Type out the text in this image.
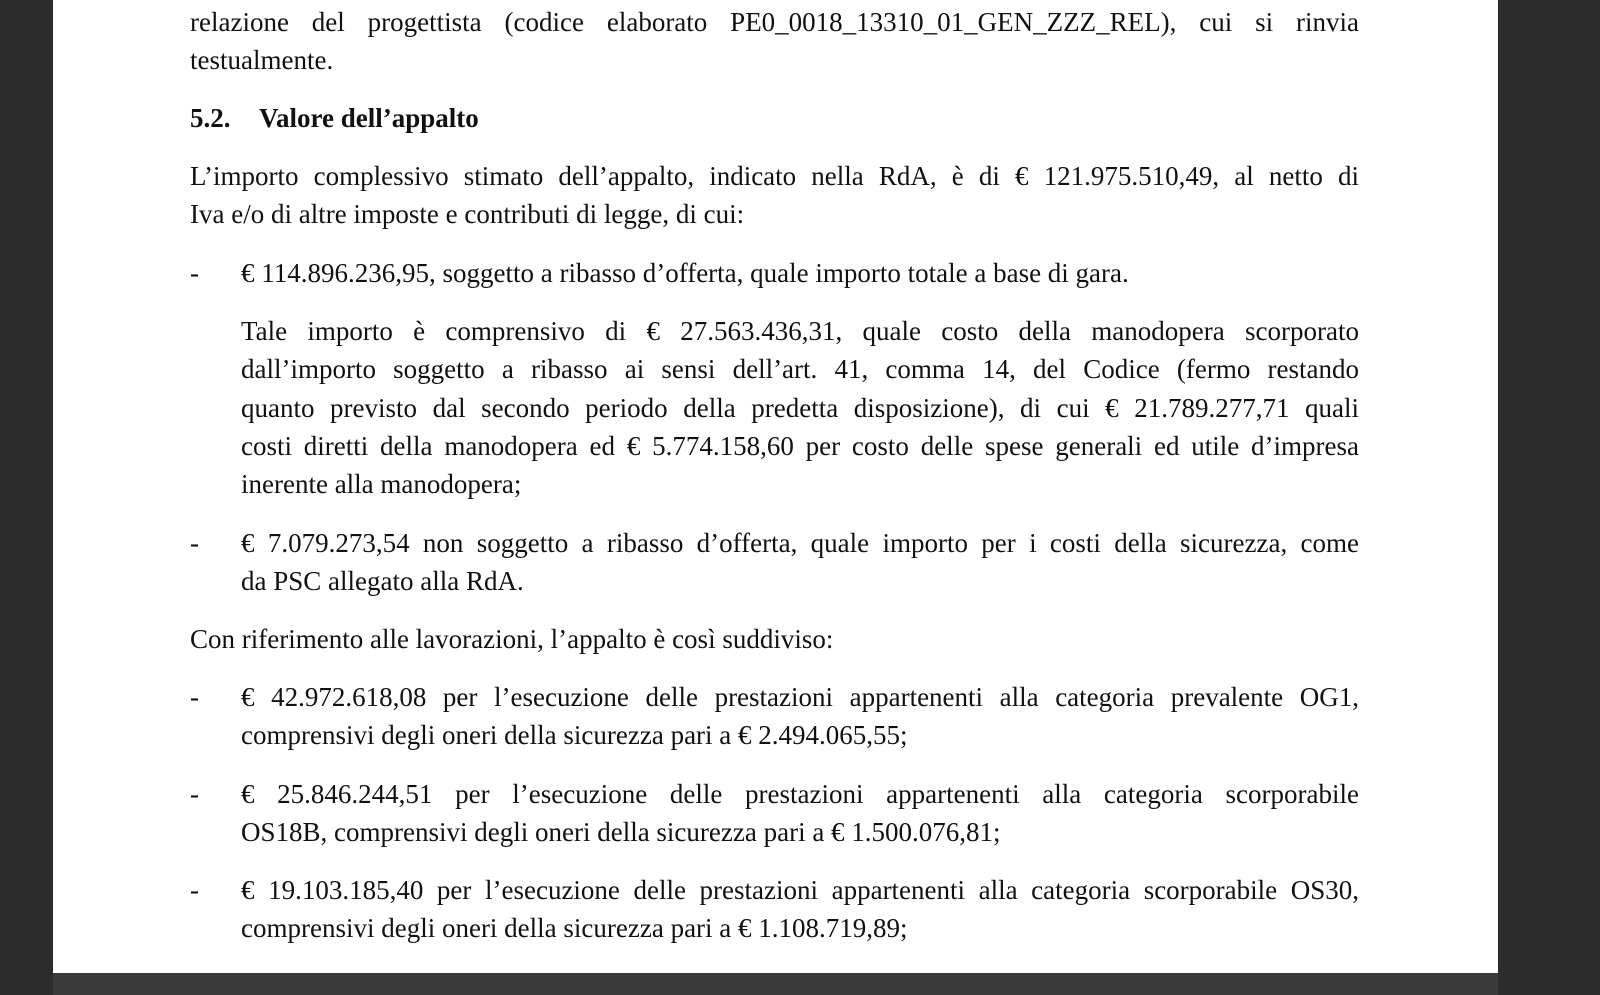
relazione del progettista (codice elaborato PE0_0018_13310_01_GEN_ZZZ_REL), cui si rinvia
testualmente.
5.2. Valore dell’appalto
L’importo complessivo stimato dell’appalto, indicato nella RdA, è di € 121.975.510,49, al netto di
Iva e/o di altre imposte e contributi di legge, di cui:
- € 114.896.236,95, soggetto a ribasso d’offerta, quale importo totale a base di gara.
Tale importo è comprensivo di € 27.563.436,31, quale costo della manodopera scorporato
dall’importo soggetto a ribasso ai sensi dell’art. 41, comma 14, del Codice (fermo restando
quanto previsto dal secondo periodo della predetta disposizione), di cui € 21.789.277,71 quali
costi diretti della manodopera ed € 5.774.158,60 per costo delle spese generali ed utile d’impresa
inerente alla manodopera;
- € 7.079.273,54 non soggetto a ribasso d’offerta, quale importo per i costi della sicurezza, come
da PSC allegato alla RdA.
Con riferimento alle lavorazioni, l’appalto è così suddiviso:
- € 42.972.618,08 per l’esecuzione delle prestazioni appartenenti alla categoria prevalente OG1,
comprensivi degli oneri della sicurezza pari a € 2.494.065,55;
- € 25.846.244,51 per l’esecuzione delle prestazioni appartenenti alla categoria scorporabile
OS18B, comprensivi degli oneri della sicurezza pari a € 1.500.076,81;
- € 19.103.185,40 per l’esecuzione delle prestazioni appartenenti alla categoria scorporabile OS30,
comprensivi degli oneri della sicurezza pari a € 1.108.719,89;
